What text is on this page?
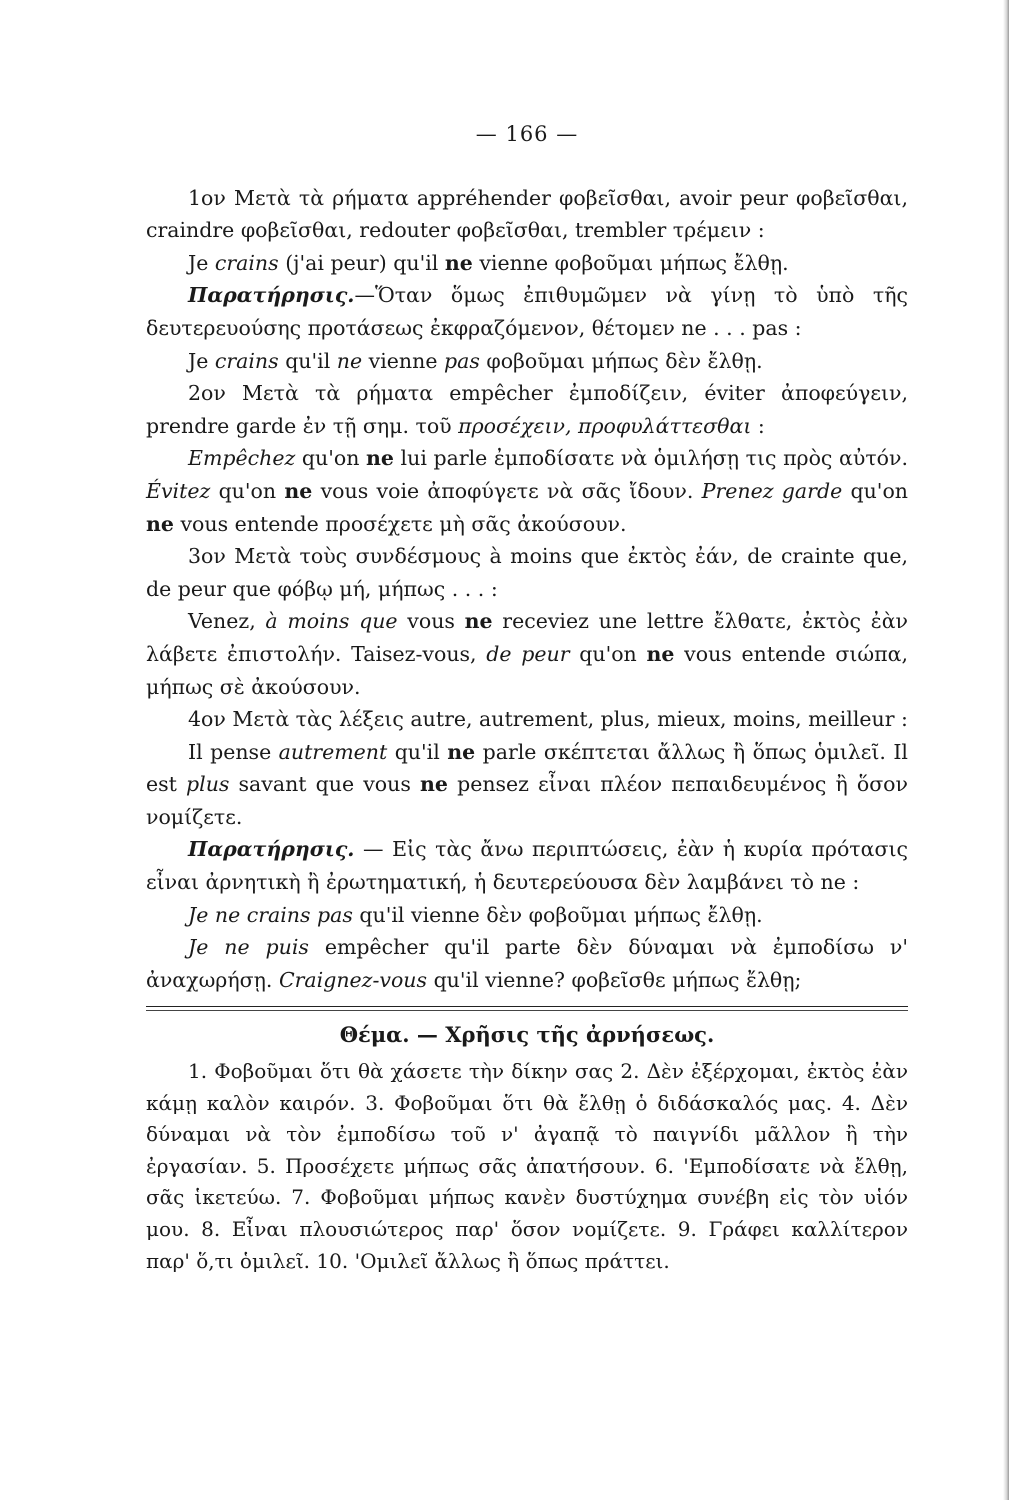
— 166 —

1ον Μετὰ τὰ ρήματα appréhender φοβεῖσθαι, avoir peur φοβεῖσθαι, craindre φοβεῖσθαι, redouter φοβεῖσθαι, trembler τρέμειν :

Je crains (j'ai peur) qu'il ne vienne φοβοῦμαι μήπως ἔλθῃ.

Παρατήρησις.—Ὅταν ὅμως ἐπιθυμῶμεν νὰ γίνῃ τὸ ὑπὸ τῆς δευτερευούσης προτάσεως ἐκφραζόμενον, θέτομεν ne . . . pas :

Je crains qu'il ne vienne pas φοβοῦμαι μήπως δὲν ἔλθῃ.

2ον Μετὰ τὰ ρήματα empêcher ἐμποδίζειν, éviter ἀποφεύγειν, prendre garde ἐν τῇ σημ. τοῦ προσέχειν, προφυλάττεσθαι :

Empêchez qu'on ne lui parle ἐμποδίσατε νὰ ὁμιλήσῃ τις πρὸς αὐτόν. Évitez qu'on ne vous voie ἀποφύγετε νὰ σᾶς ἴδουν. Prenez garde qu'on ne vous entende προσέχετε μὴ σᾶς ἀκούσουν.

3ον Μετὰ τοὺς συνδέσμους à moins que ἐκτὸς ἐάν, de crainte que, de peur que φόβῳ μή, μήπως . . . :

Venez, à moins que vous ne receviez une lettre ἔλθατε, ἐκτὸς ἐὰν λάβετε ἐπιστολήν. Taisez-vous, de peur qu'on ne vous entende σιώπα, μήπως σὲ ἀκούσουν.

4ον Μετὰ τὰς λέξεις autre, autrement, plus, mieux, moins, meilleur :

Il pense autrement qu'il ne parle σκέπτεται ἄλλως ἢ ὅπως ὁμιλεῖ. Il est plus savant que vous ne pensez εἶναι πλέον πεπαιδευμένος ἢ ὅσον νομίζετε.

Παρατήρησις. — Εἰς τὰς ἄνω περιπτώσεις, ἐὰν ἡ κυρία πρότασις εἶναι ἀρνητικὴ ἢ ἐρωτηματική, ἡ δευτερεύουσα δὲν λαμβάνει τὸ ne :

Je ne crains pas qu'il vienne δὲν φοβοῦμαι μήπως ἔλθῃ.

Je ne puis empêcher qu'il parte δὲν δύναμαι νὰ ἐμποδίσω ν' ἀναχωρήσῃ. Craignez-vous qu'il vienne? φοβεῖσθε μήπως ἔλθῃ;

Θέμα. — Χρῆσις τῆς ἀρνήσεως.

1. Φοβοῦμαι ὅτι θὰ χάσετε τὴν δίκην σας 2. Δὲν ἐξέρχομαι, ἐκτὸς ἐὰν κάμῃ καλὸν καιρόν. 3. Φοβοῦμαι ὅτι θὰ ἔλθῃ ὁ διδάσκαλός μας. 4. Δὲν δύναμαι νὰ τὸν ἐμποδίσω τοῦ ν' ἀγαπᾷ τὸ παιγνίδι μᾶλλον ἢ τὴν ἐργασίαν. 5. Προσέχετε μήπως σᾶς ἀπατήσουν. 6. 'Εμποδίσατε νὰ ἔλθῃ, σᾶς ἱκετεύω. 7. Φοβοῦμαι μήπως κανὲν δυστύχημα συνέβη εἰς τὸν υἱόν μου. 8. Εἶναι πλουσιώτερος παρ' ὅσον νομίζετε. 9. Γράφει καλλίτερον παρ' ὅ,τι ὁμιλεῖ. 10. 'Ομιλεῖ ἄλλως ἢ ὅπως πράττει.
